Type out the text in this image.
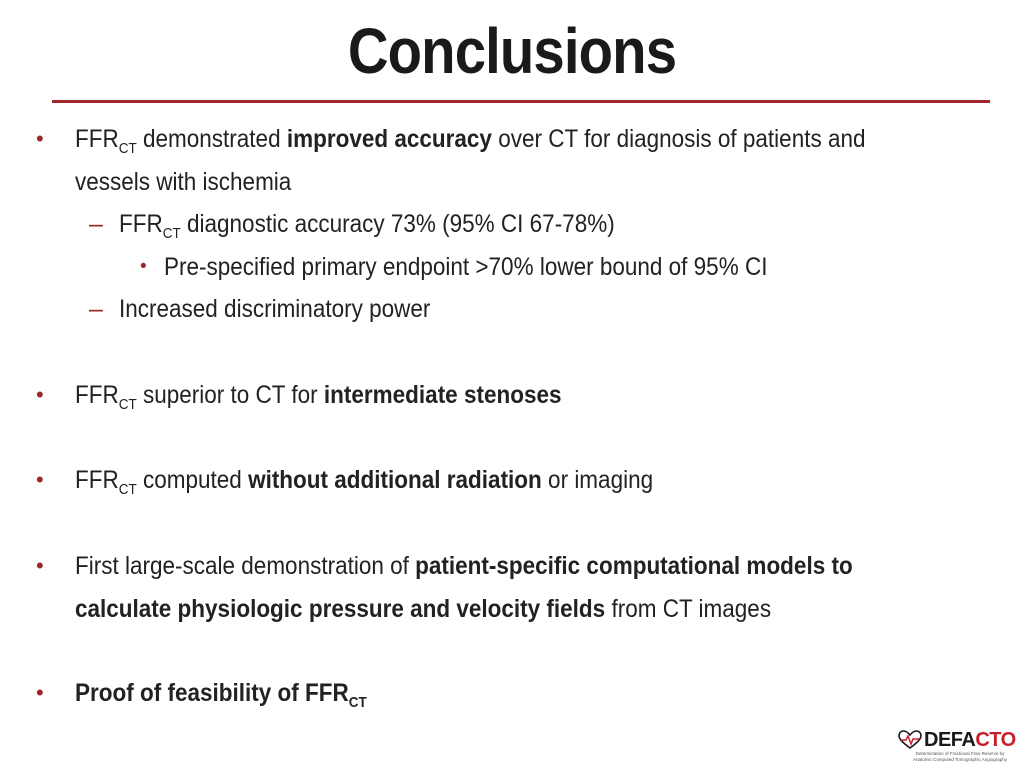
Conclusions
• $FFR_{CT}$ demonstrated improved accuracy over CT for diagnosis of patients and
vessels with ischemia
– $FFR_{CT}$ diagnostic accuracy 73% (95% CI 67-78%)
• Pre-specified primary endpoint >70% lower bound of 95% CI
– Increased discriminatory power
• $FFR_{CT}$ superior to CT for intermediate stenoses
• $FFR_{CT}$ computed without additional radiation or imaging
• First large-scale demonstration of patient-specific computational models to
calculate physiologic pressure and velocity fields from CT images
• Proof of feasibility of $FFR_{CT}$
DEFACTO
Determination of Fractional Flow Reserve by
Anatomic Computed Tomographic Angiography
